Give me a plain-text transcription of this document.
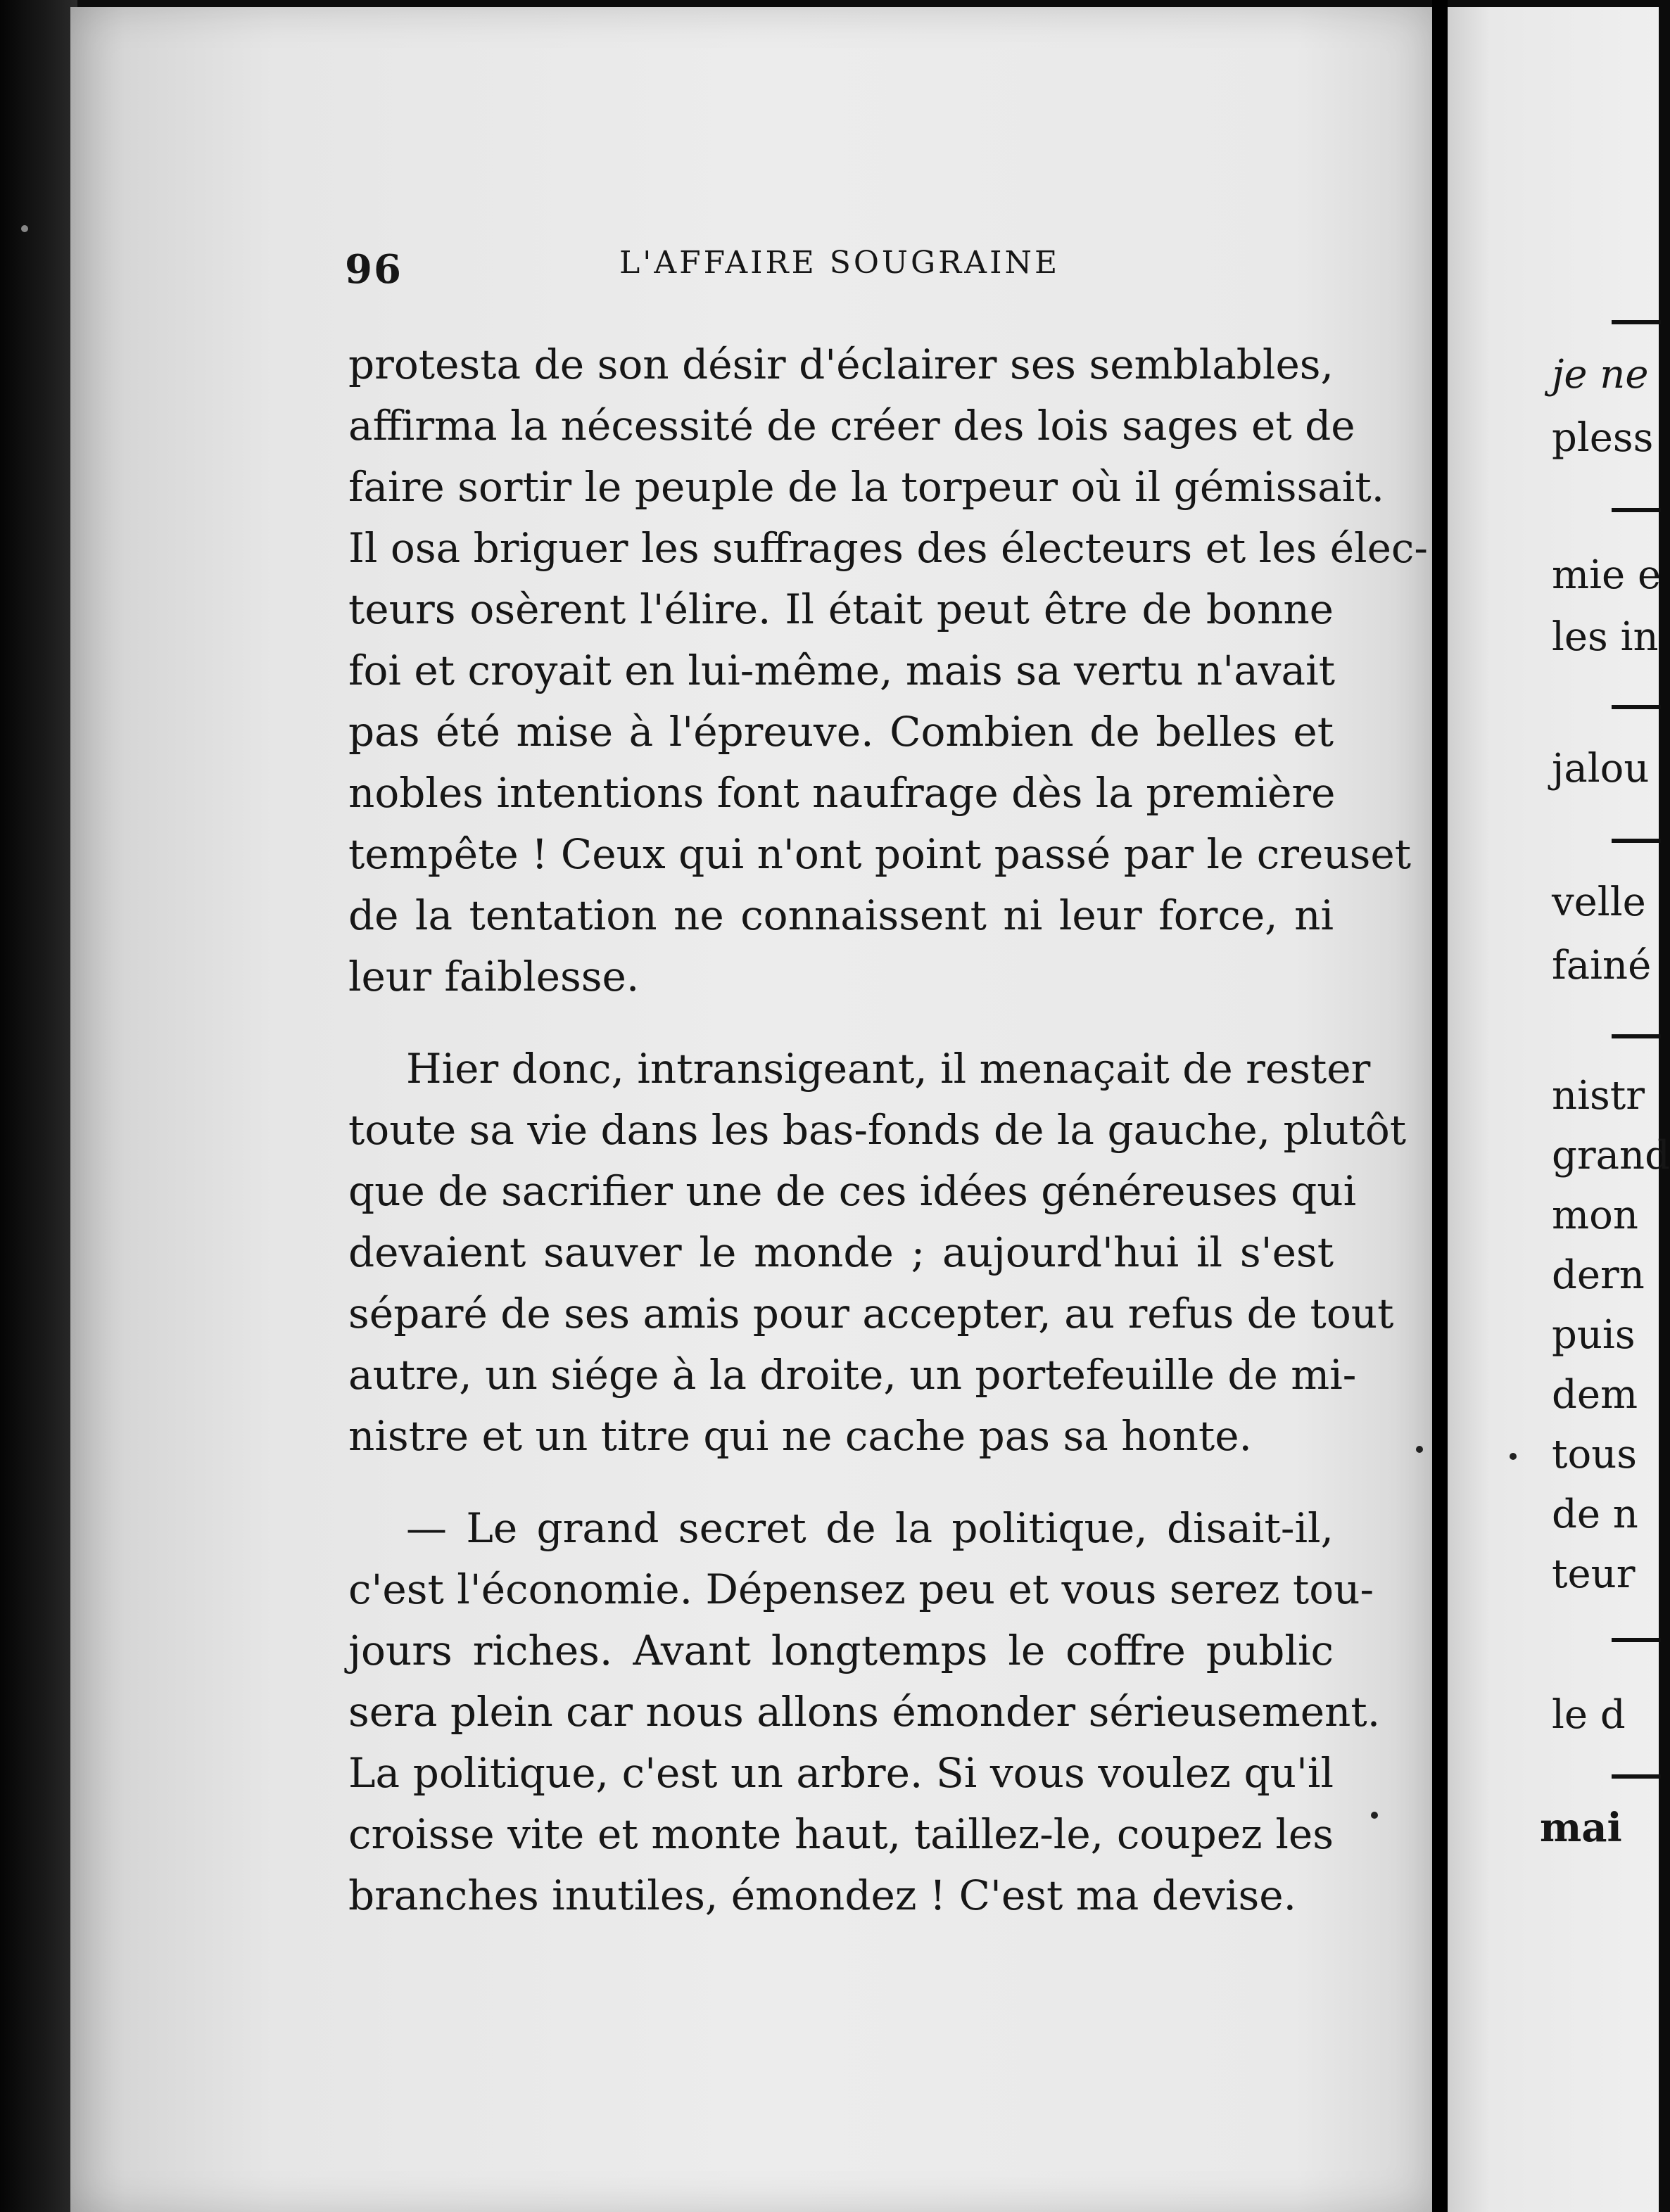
96	L'AFFAIRE SOUGRAINE
protesta de son désir d'éclairer ses semblables,
affirma la nécessité de créer des lois sages et de
faire sortir le peuple de la torpeur où il gémissait.
Il osa briguer les suffrages des électeurs et les élec-
teurs osèrent l'élire. Il était peut être de bonne
foi et croyait en lui-même, mais sa vertu n'avait
pas été mise à l'épreuve. Combien de belles et
nobles intentions font naufrage dès la première
tempête ! Ceux qui n'ont point passé par le creuset
de la tentation ne connaissent ni leur force, ni
leur faiblesse.
Hier donc, intransigeant, il menaçait de rester
toute sa vie dans les bas-fonds de la gauche, plutôt
que de sacrifier une de ces idées généreuses qui
devaient sauver le monde ; aujourd'hui il s'est
séparé de ses amis pour accepter, au refus de tout
autre, un siége à la droite, un portefeuille de mi-
nistre et un titre qui ne cache pas sa honte.
— Le grand secret de la politique, disait-il,
c'est l'économie. Dépensez peu et vous serez tou-
jours riches. Avant longtemps le coffre public
sera plein car nous allons émonder sérieusement.
La politique, c'est un arbre. Si vous voulez qu'il
croisse vite et monte haut, taillez-le, coupez les
branches inutiles, émondez ! C'est ma devise.
je ne
pless
mie e
les in
jalou
velle
fainé
nistr
grand
mon
dern
puis
dem
tous
de n
teur
le d
mai
